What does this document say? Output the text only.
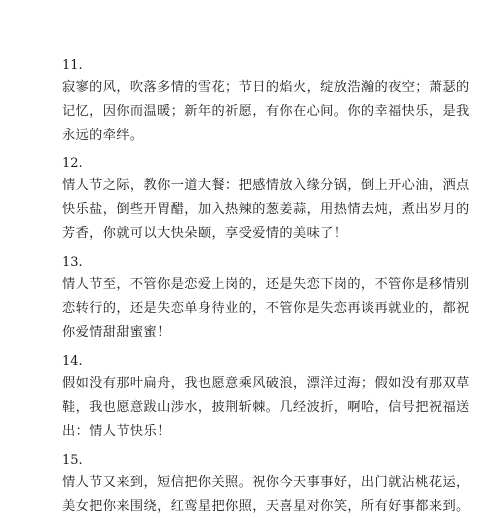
11.

寂寥的风，吹落多情的雪花；节日的焰火，绽放浩瀚的夜空；萧瑟的

记忆，因你而温暖；新年的祈愿，有你在心间。你的幸福快乐，是我

永远的牵绊。

12.

情人节之际，教你一道大餐：把感情放入缘分锅，倒上开心油，洒点

快乐盐，倒些开胃醋，加入热辣的葱姜蒜，用热情去炖，煮出岁月的

芳香，你就可以大快朵颐，享受爱情的美味了！

13.

情人节至，不管你是恋爱上岗的，还是失恋下岗的，不管你是移情别

恋转行的，还是失恋单身待业的，不管你是失恋再谈再就业的，都祝

你爱情甜甜蜜蜜！

14.

假如没有那叶扁舟，我也愿意乘风破浪，漂洋过海；假如没有那双草

鞋，我也愿意跋山涉水，披荆斩棘。几经波折，啊哈，信号把祝福送

出：情人节快乐！

15.

情人节又来到，短信把你关照。祝你今天事事好，出门就沾桃花运，

美女把你来围绕，红鸾星把你照，天喜星对你笑，所有好事都来到。
